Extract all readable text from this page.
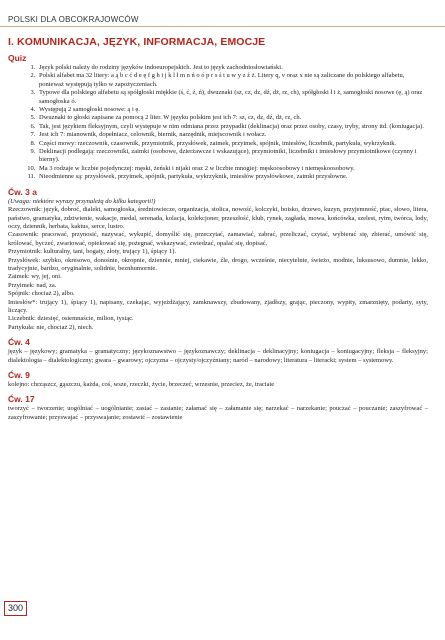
POLSKI DLA OBCOKRAJOWCÓW
I. KOMUNIKACJA, JĘZYK, INFORMACJA, EMOCJE
Quiz
1. Język polski należy do rodziny języków indoeuropejskich. Jest to język zachodniosłowiański.
2. Polski alfabet ma 32 litery: a ą b c ć d e ę f g h i j k l ł m n ń o ó p r s ś t u w y z ź ż. Litery q, v oraz x nie są zaliczane do polskiego alfabetu, ponieważ występują tylko w zapożyczeniach.
3. Typowe dla polskiego alfabetu są spółgłoski miękkie (ś, ć, ź, ń), dwuznaki (sz, cz, dz, dź, dż, rz, ch), spółgłoski ł i ż, samogłoski nosowe (ę, ą) oraz samogłoska ó.
4. Występują 2 samogłoski nosowe: ą i ę.
5. Dwuznaki to głoski zapisane za pomocą 2 liter. W języku polskim jest ich 7: sz, cz, dz, dź, dż, rz, ch.
6. Tak, jest językiem fleksyjnym, czyli występuje w nim odmiana przez przypadki (deklinacja) oraz przez osoby, czasy, tryby, strony itd. (koniugacja).
7. Jest ich 7: mianownik, dopełniacz, celownik, biernik, narzędnik, miejscownik i wołacz.
8. Części mowy: rzeczownik, czasownik, przymiotnik, przysłówek, zaimek, przyimek, spójnik, imiesłów, liczebnik, partykuła, wykrzyknik.
9. Deklinacji podlegają: rzeczowniki, zaimki (osobowe, dzierżawcze i wskazujące), przymiotniki, liczebniki i imiesłowy przymiotnikowe (czynny i bierny).
10. Ma 3 rodzaje w liczbie pojedynczej: męski, żeński i nijaki oraz 2 w liczbie mnogiej: męskoosobowy i niemęskoosobowy.
11. Nieodmienne są: przysłówek, przyimek, spójnik, partykuła, wykrzyknik, imiesłów przysłówkowe, zaimki przysłowne.
Ćw. 3 a

(Uwaga: niektóre wyrazy przynależą do kilku kategorii!)

Rzeczownik: język, dobroć, dialekt, samogłoska, średniowiecze, organizacja, stolica, nowość, kolczyki, boisko, drzewo, kuzyn, przyjemność, ptac, słowo, litera, państwo, gramatyka, zdziwienie, wakacje, medal, serenada, kolacja, kolekcjoner, przeszłość, klub, rynek, zagłada, mowa, końcówka, szelest, rytm, twórca, lody, oczy, dziennik, herbata, kaktus, serce, lustro.

Czasownik: pracować, przynosić, nazywać, wykupić, domyślić się, przeczytać, zamawiać, zabrać, przeliczać, czytać, wybierać się, zbierać, umówić się, królować, byczeć, zwariować, opiekować się, pożegnać, wskazywać, zwiedzać, opalać się, dopisać.

Przymiotnik: kulturalny, tani, bogaty, złoty, trujący 1), śpiący 1).

Przysłówek: szybko, okresowo, donośnie, okropnie, dziennie, mniej, ciekawie, źle, drogo, wcześnie, niecytelnie, świeżo, modnie, luksusowo, dumnie, lekko, tradycyjnie, bardzo, oryginalnie, solidnie, beznhumornie.

Zaimek: wy, jej, oni.

Przyimek: nad, za.

Spójnik: chociaż 2), albo.

Imiesłów*: trujący 1), śpiący 1), napisany, czekając, wyjeżdżający, zamknawszy, zbudowany, zjadłszy, grając, pieczony, wypity, zmarznięty, podarty, syty, liczący.

Liczebnik: dziesięć, osiemnaście, milion, tysiąc.

Partykuła: nie, chociaż 2), niech.

Ćw. 4

język – językowy; gramatyka – gramatyczny; językoznawstwo – językoznawczy; deklinacja – deklinacyjny; koniugacja – koniugacyjny; fleksja – fleksyjny; dialektologia – dialektologiczny; gwara – gwarowy; ojczyzna – ojczysty/ojczyźniany; naród – narodowy; literatura – literacki; system – systemowy.

Ćw. 9

kolejno: chrząszcz, gąszczu, każda, coś, wsze, rzeczki, życie, brzeczeć, wrzesnie, przeciez, że, traciaie

Ćw. 17

tworzyć – tworzenie; uogólniać – uogólnianie; zasiać – zasianie; załamać się – załamanie się; narzekać – narzekanie; pouczać – pouczanie; zaszyfrować – zaszyfrowanie; przyswajać – przyswajanie; zostawić – zostawienie

300
